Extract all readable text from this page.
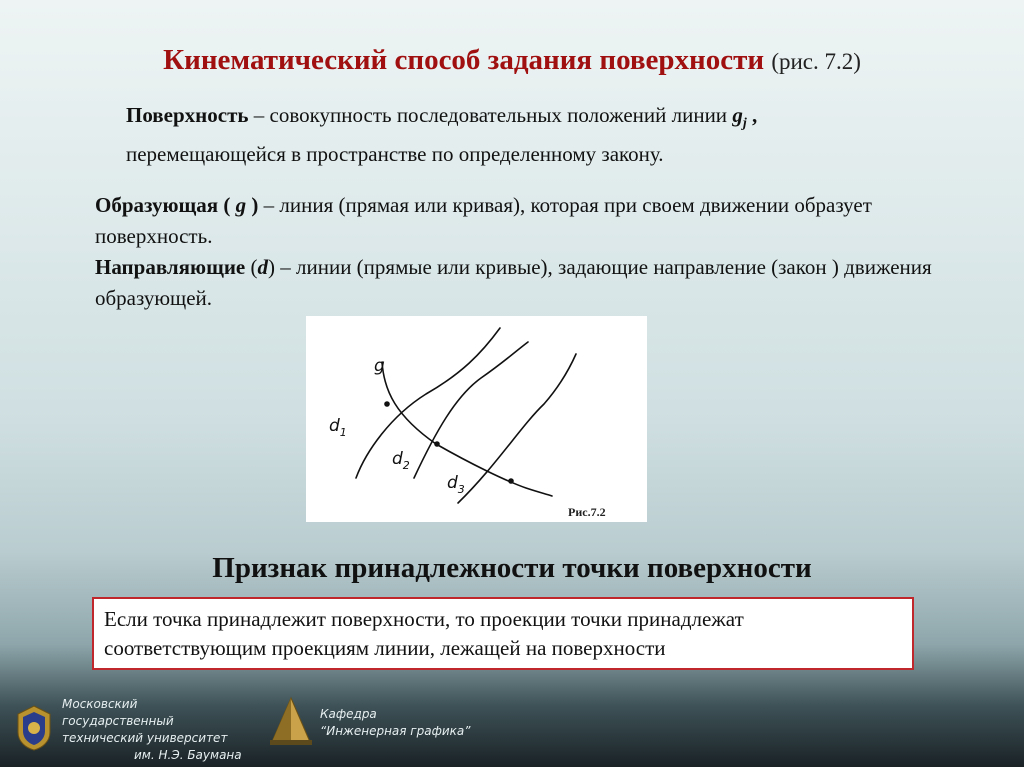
Кинематический способ задания поверхности (рис. 7.2)
Поверхность – совокупность последовательных положений линии $g_j$ ,
перемещающейся в пространстве по определенному закону.
Образующая ( g ) – линия (прямая или кривая), которая при своем движении образует поверхность.
Направляющие (d) – линии (прямые или кривые), задающие направление (закон ) движения образующей.
g
$d_1$
$d_2$
$d_3$
Рис.7.2
Признак принадлежности точки поверхности
Если точка принадлежит поверхности, то проекции точки принадлежат соответствующим проекциям линии, лежащей на поверхности
Московский государственный
технический университет
им. Н.Э. Баумана
Кафедра
“Инженерная графика”
